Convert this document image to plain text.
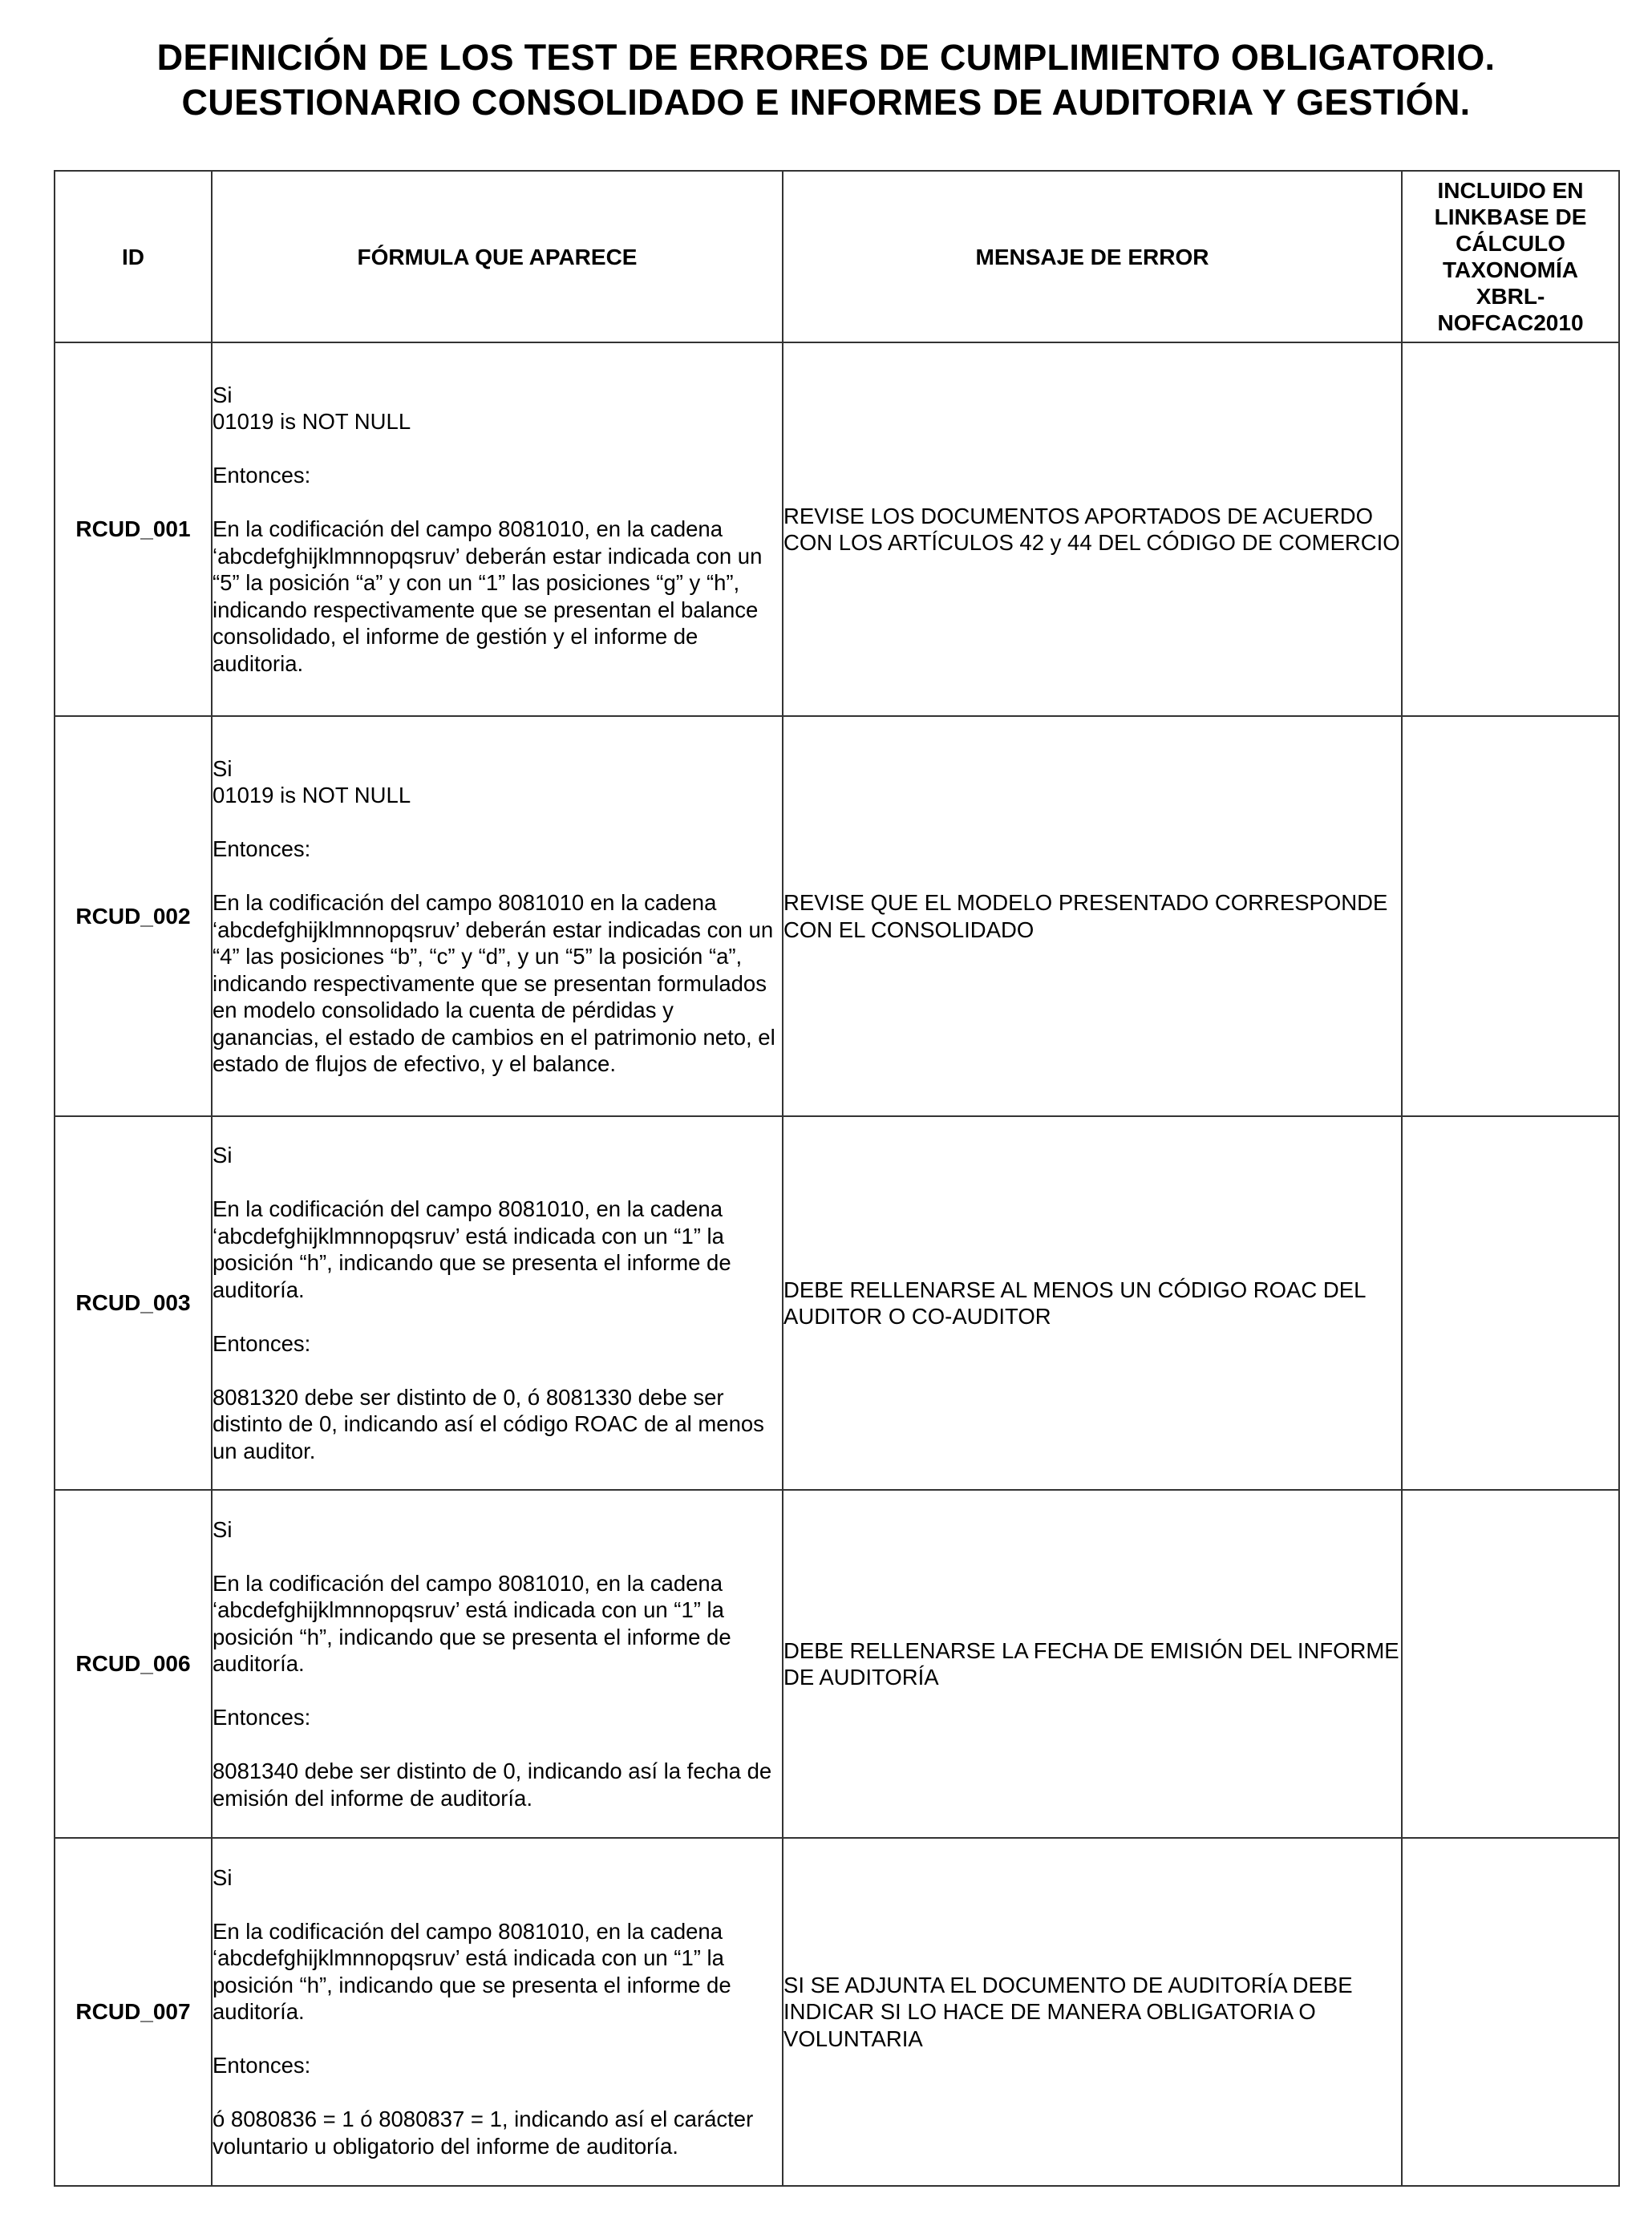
DEFINICIÓN DE LOS TEST DE ERRORES DE CUMPLIMIENTO OBLIGATORIO.
CUESTIONARIO CONSOLIDADO E INFORMES DE AUDITORIA Y GESTIÓN.
ID	FÓRMULA QUE APARECE	MENSAJE DE ERROR	INCLUIDO EN LINKBASE DE CÁLCULO TAXONOMÍA XBRL-NOFCAC2010
RCUD_001	Si

01019 is NOT NULL

Entonces:

En la codificación del campo 8081010, en la cadena ‘abcdefghijklmnnopqsruv’ deberán estar indicada con un “5” la posición “a” y con un “1” las posiciones “g” y “h”, indicando respectivamente que se presentan el balance consolidado, el informe de gestión y el informe de auditoria.	REVISE LOS DOCUMENTOS APORTADOS DE ACUERDO CON LOS ARTÍCULOS 42 y 44 DEL CÓDIGO DE COMERCIO	
RCUD_002	Si

01019 is NOT NULL

Entonces:

En la codificación del campo 8081010 en la cadena ‘abcdefghijklmnnopqsruv’ deberán estar indicadas con un “4” las posiciones “b”, “c” y “d”, y un “5” la posición “a”, indicando respectivamente que se presentan formulados en modelo consolidado la cuenta de pérdidas y ganancias, el estado de cambios en el patrimonio neto, el estado de flujos de efectivo, y el balance.	REVISE QUE EL MODELO PRESENTADO CORRESPONDE CON EL CONSOLIDADO	
RCUD_003	Si

En la codificación del campo 8081010, en la cadena ‘abcdefghijklmnnopqsruv’ está indicada con un “1” la posición “h”, indicando que se presenta el informe de auditoría.

Entonces:

8081320 debe ser distinto de 0, ó 8081330 debe ser distinto de 0, indicando así el código ROAC de al menos un auditor.	DEBE RELLENARSE AL MENOS UN CÓDIGO ROAC DEL AUDITOR O CO-AUDITOR	
RCUD_006	Si

En la codificación del campo 8081010, en la cadena ‘abcdefghijklmnnopqsruv’ está indicada con un “1” la posición “h”, indicando que se presenta el informe de auditoría.

Entonces:

8081340 debe ser distinto de 0, indicando así la fecha de emisión del informe de auditoría.	DEBE RELLENARSE LA FECHA DE EMISIÓN DEL INFORME DE AUDITORÍA	
RCUD_007	Si

En la codificación del campo 8081010, en la cadena ‘abcdefghijklmnnopqsruv’ está indicada con un “1” la posición “h”, indicando que se presenta el informe de auditoría.

Entonces:

ó 8080836 = 1 ó 8080837 = 1, indicando así el carácter voluntario u obligatorio del informe de auditoría.	SI SE ADJUNTA EL DOCUMENTO DE AUDITORÍA DEBE INDICAR SI LO HACE DE MANERA OBLIGATORIA O VOLUNTARIA	
